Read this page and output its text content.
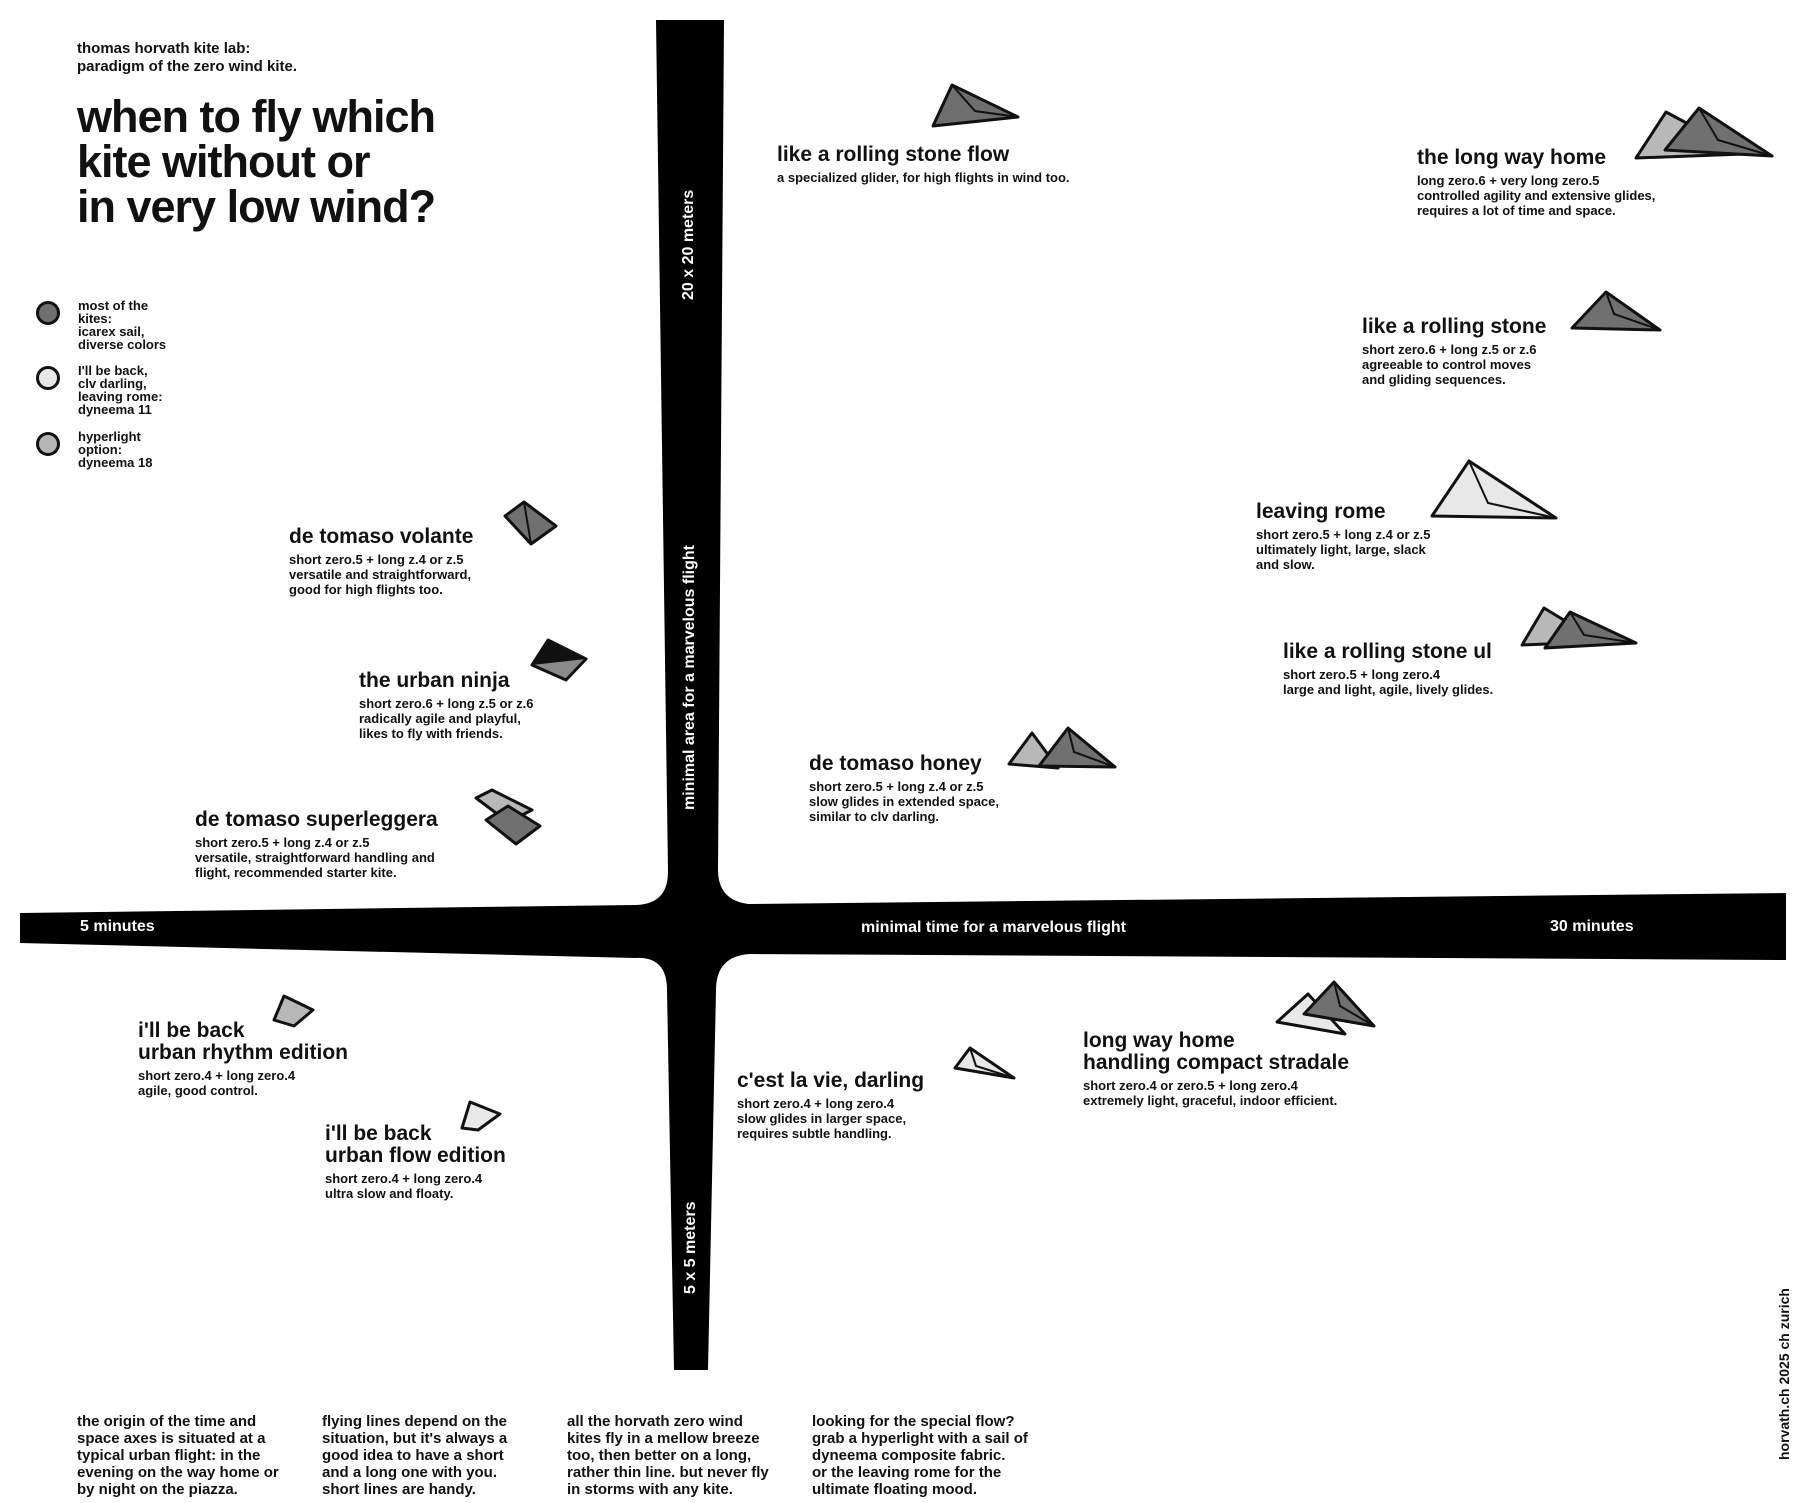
thomas horvath kite lab:
paradigm of the zero wind kite.
when to fly which
kite without or
in very low wind?
most of the
kites:
icarex sail,
diverse colors
I'll be back,
clv darling,
leaving rome:
dyneema 11
hyperlight
option:
dyneema 18
5 minutes	minimal time for a marvelous flight	30 minutes
20 x 20 meters
minimal area for a marvelous flight
5 x 5 meters
like a rolling stone flow
a specialized glider, for high flights in wind too.
the long way home
long zero.6 + very long zero.5
controlled agility and extensive glides,
requires a lot of time and space.
like a rolling stone
short zero.6 + long z.5 or z.6
agreeable to control moves
and gliding sequences.
leaving rome
short zero.5 + long z.4 or z.5
ultimately light, large, slack
and slow.
like a rolling stone ul
short zero.5 + long zero.4
large and light, agile, lively glides.
de tomaso honey
short zero.5 + long z.4 or z.5
slow glides in extended space,
similar to clv darling.
de tomaso volante
short zero.5 + long z.4 or z.5
versatile and straightforward,
good for high flights too.
the urban ninja
short zero.6 + long z.5 or z.6
radically agile and playful,
likes to fly with friends.
de tomaso superleggera
short zero.5 + long z.4 or z.5
versatile, straightforward handling and
flight, recommended starter kite.
i'll be back
urban rhythm edition
short zero.4 + long zero.4
agile, good control.
i'll be back
urban flow edition
short zero.4 + long zero.4
ultra slow and floaty.
c'est la vie, darling
short zero.4 + long zero.4
slow glides in larger space,
requires subtle handling.
long way home
handling compact stradale
short zero.4 or zero.5 + long zero.4
extremely light, graceful, indoor efficient.
the origin of the time and
space axes is situated at a
typical urban flight: in the
evening on the way home or
by night on the piazza.
flying lines depend on the
situation, but it's always a
good idea to have a short
and a long one with you.
short lines are handy.
all the horvath zero wind
kites fly in a mellow breeze
too, then better on a long,
rather thin line. but never fly
in storms with any kite.
looking for the special flow?
grab a hyperlight with a sail of
dyneema composite fabric.
or the leaving rome for the
ultimate floating mood.
horvath.ch 2025 ch zurich
